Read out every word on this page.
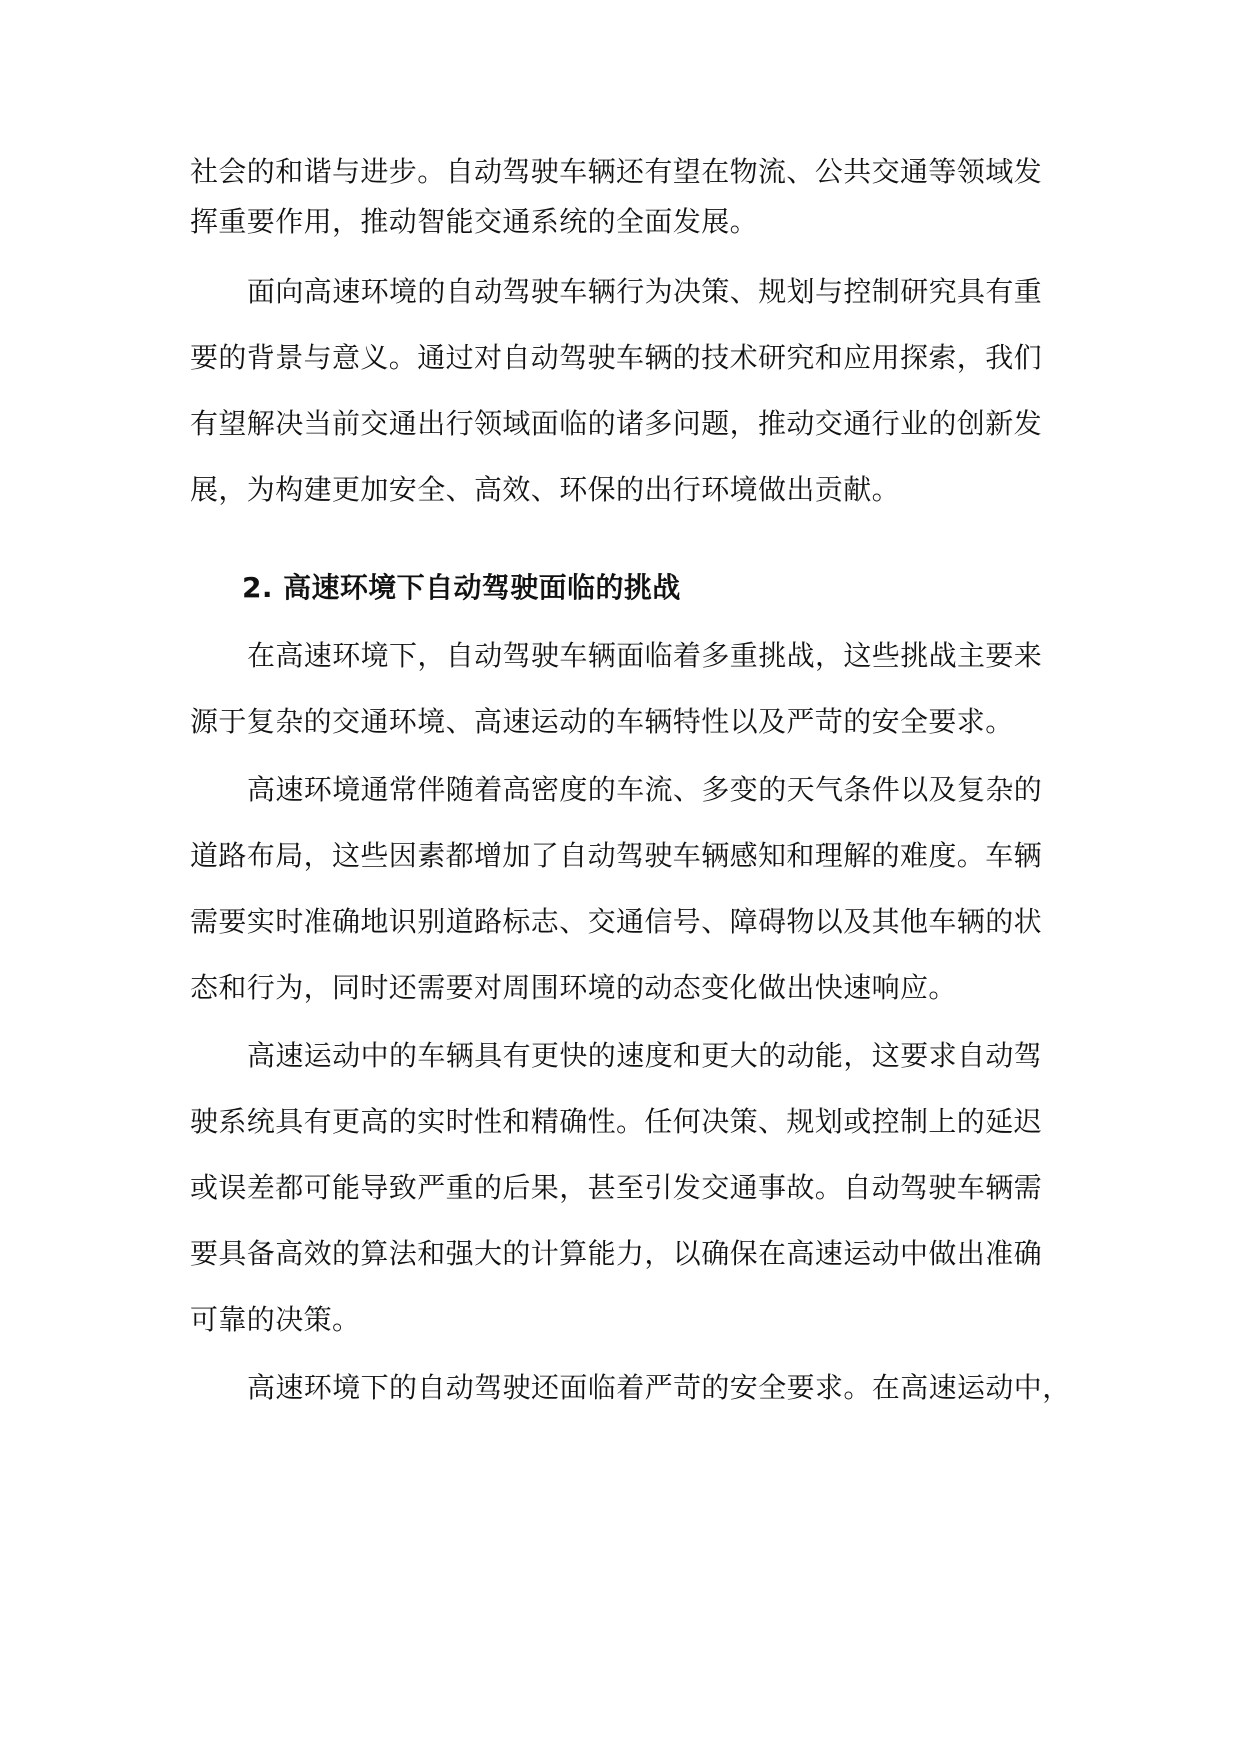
社会的和谐与进步。自动驾驶车辆还有望在物流、公共交通等领域发

挥重要作用，推动智能交通系统的全面发展。

面向高速环境的自动驾驶车辆行为决策、规划与控制研究具有重

要的背景与意义。通过对自动驾驶车辆的技术研究和应用探索，我们

有望解决当前交通出行领域面临的诸多问题，推动交通行业的创新发

展，为构建更加安全、高效、环保的出行环境做出贡献。

2. 高速环境下自动驾驶面临的挑战

在高速环境下，自动驾驶车辆面临着多重挑战，这些挑战主要来

源于复杂的交通环境、高速运动的车辆特性以及严苛的安全要求。

高速环境通常伴随着高密度的车流、多变的天气条件以及复杂的

道路布局，这些因素都增加了自动驾驶车辆感知和理解的难度。车辆

需要实时准确地识别道路标志、交通信号、障碍物以及其他车辆的状

态和行为，同时还需要对周围环境的动态变化做出快速响应。

高速运动中的车辆具有更快的速度和更大的动能，这要求自动驾

驶系统具有更高的实时性和精确性。任何决策、规划或控制上的延迟

或误差都可能导致严重的后果，甚至引发交通事故。自动驾驶车辆需

要具备高效的算法和强大的计算能力，以确保在高速运动中做出准确

可靠的决策。

高速环境下的自动驾驶还面临着严苛的安全要求。在高速运动中，
